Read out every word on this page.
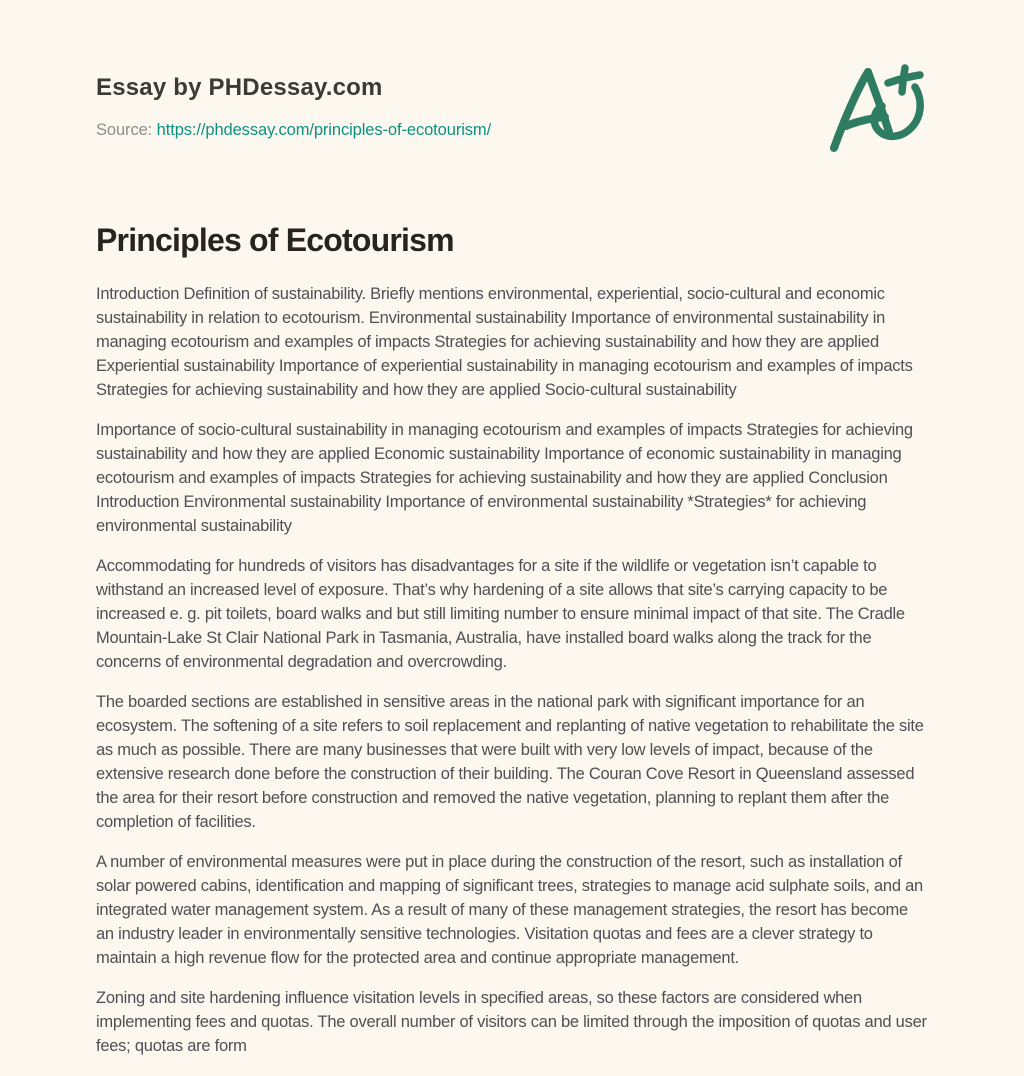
Essay by PHDessay.com
Source: https://phdessay.com/principles-of-ecotourism/
Principles of Ecotourism

Introduction Definition of sustainability. Briefly mentions environmental, experiential, socio-cultural and economic sustainability in relation to ecotourism. Environmental sustainability Importance of environmental sustainability in managing ecotourism and examples of impacts Strategies for achieving sustainability and how they are applied Experiential sustainability Importance of experiential sustainability in managing ecotourism and examples of impacts Strategies for achieving sustainability and how they are applied Socio-cultural sustainability

Importance of socio-cultural sustainability in managing ecotourism and examples of impacts Strategies for achieving sustainability and how they are applied Economic sustainability Importance of economic sustainability in managing ecotourism and examples of impacts Strategies for achieving sustainability and how they are applied Conclusion Introduction Environmental sustainability Importance of environmental sustainability *Strategies* for achieving environmental sustainability

Accommodating for hundreds of visitors has disadvantages for a site if the wildlife or vegetation isn’t capable to withstand an increased level of exposure. That’s why hardening of a site allows that site’s carrying capacity to be increased e. g. pit toilets, board walks and but still limiting number to ensure minimal impact of that site. The Cradle Mountain-Lake St Clair National Park in Tasmania, Australia, have installed board walks along the track for the concerns of environmental degradation and overcrowding.

The boarded sections are established in sensitive areas in the national park with significant importance for an ecosystem. The softening of a site refers to soil replacement and replanting of native vegetation to rehabilitate the site as much as possible. There are many businesses that were built with very low levels of impact, because of the extensive research done before the construction of their building. The Couran Cove Resort in Queensland assessed the area for their resort before construction and removed the native vegetation, planning to replant them after the completion of facilities.

A number of environmental measures were put in place during the construction of the resort, such as installation of solar powered cabins, identification and mapping of significant trees, strategies to manage acid sulphate soils, and an integrated water management system. As a result of many of these management strategies, the resort has become an industry leader in environmentally sensitive technologies. Visitation quotas and fees are a clever strategy to maintain a high revenue flow for the protected area and continue appropriate management.

Zoning and site hardening influence visitation levels in specified areas, so these factors are considered when implementing fees and quotas. The overall number of visitors can be limited through the imposition of quotas and user fees; quotas are form
